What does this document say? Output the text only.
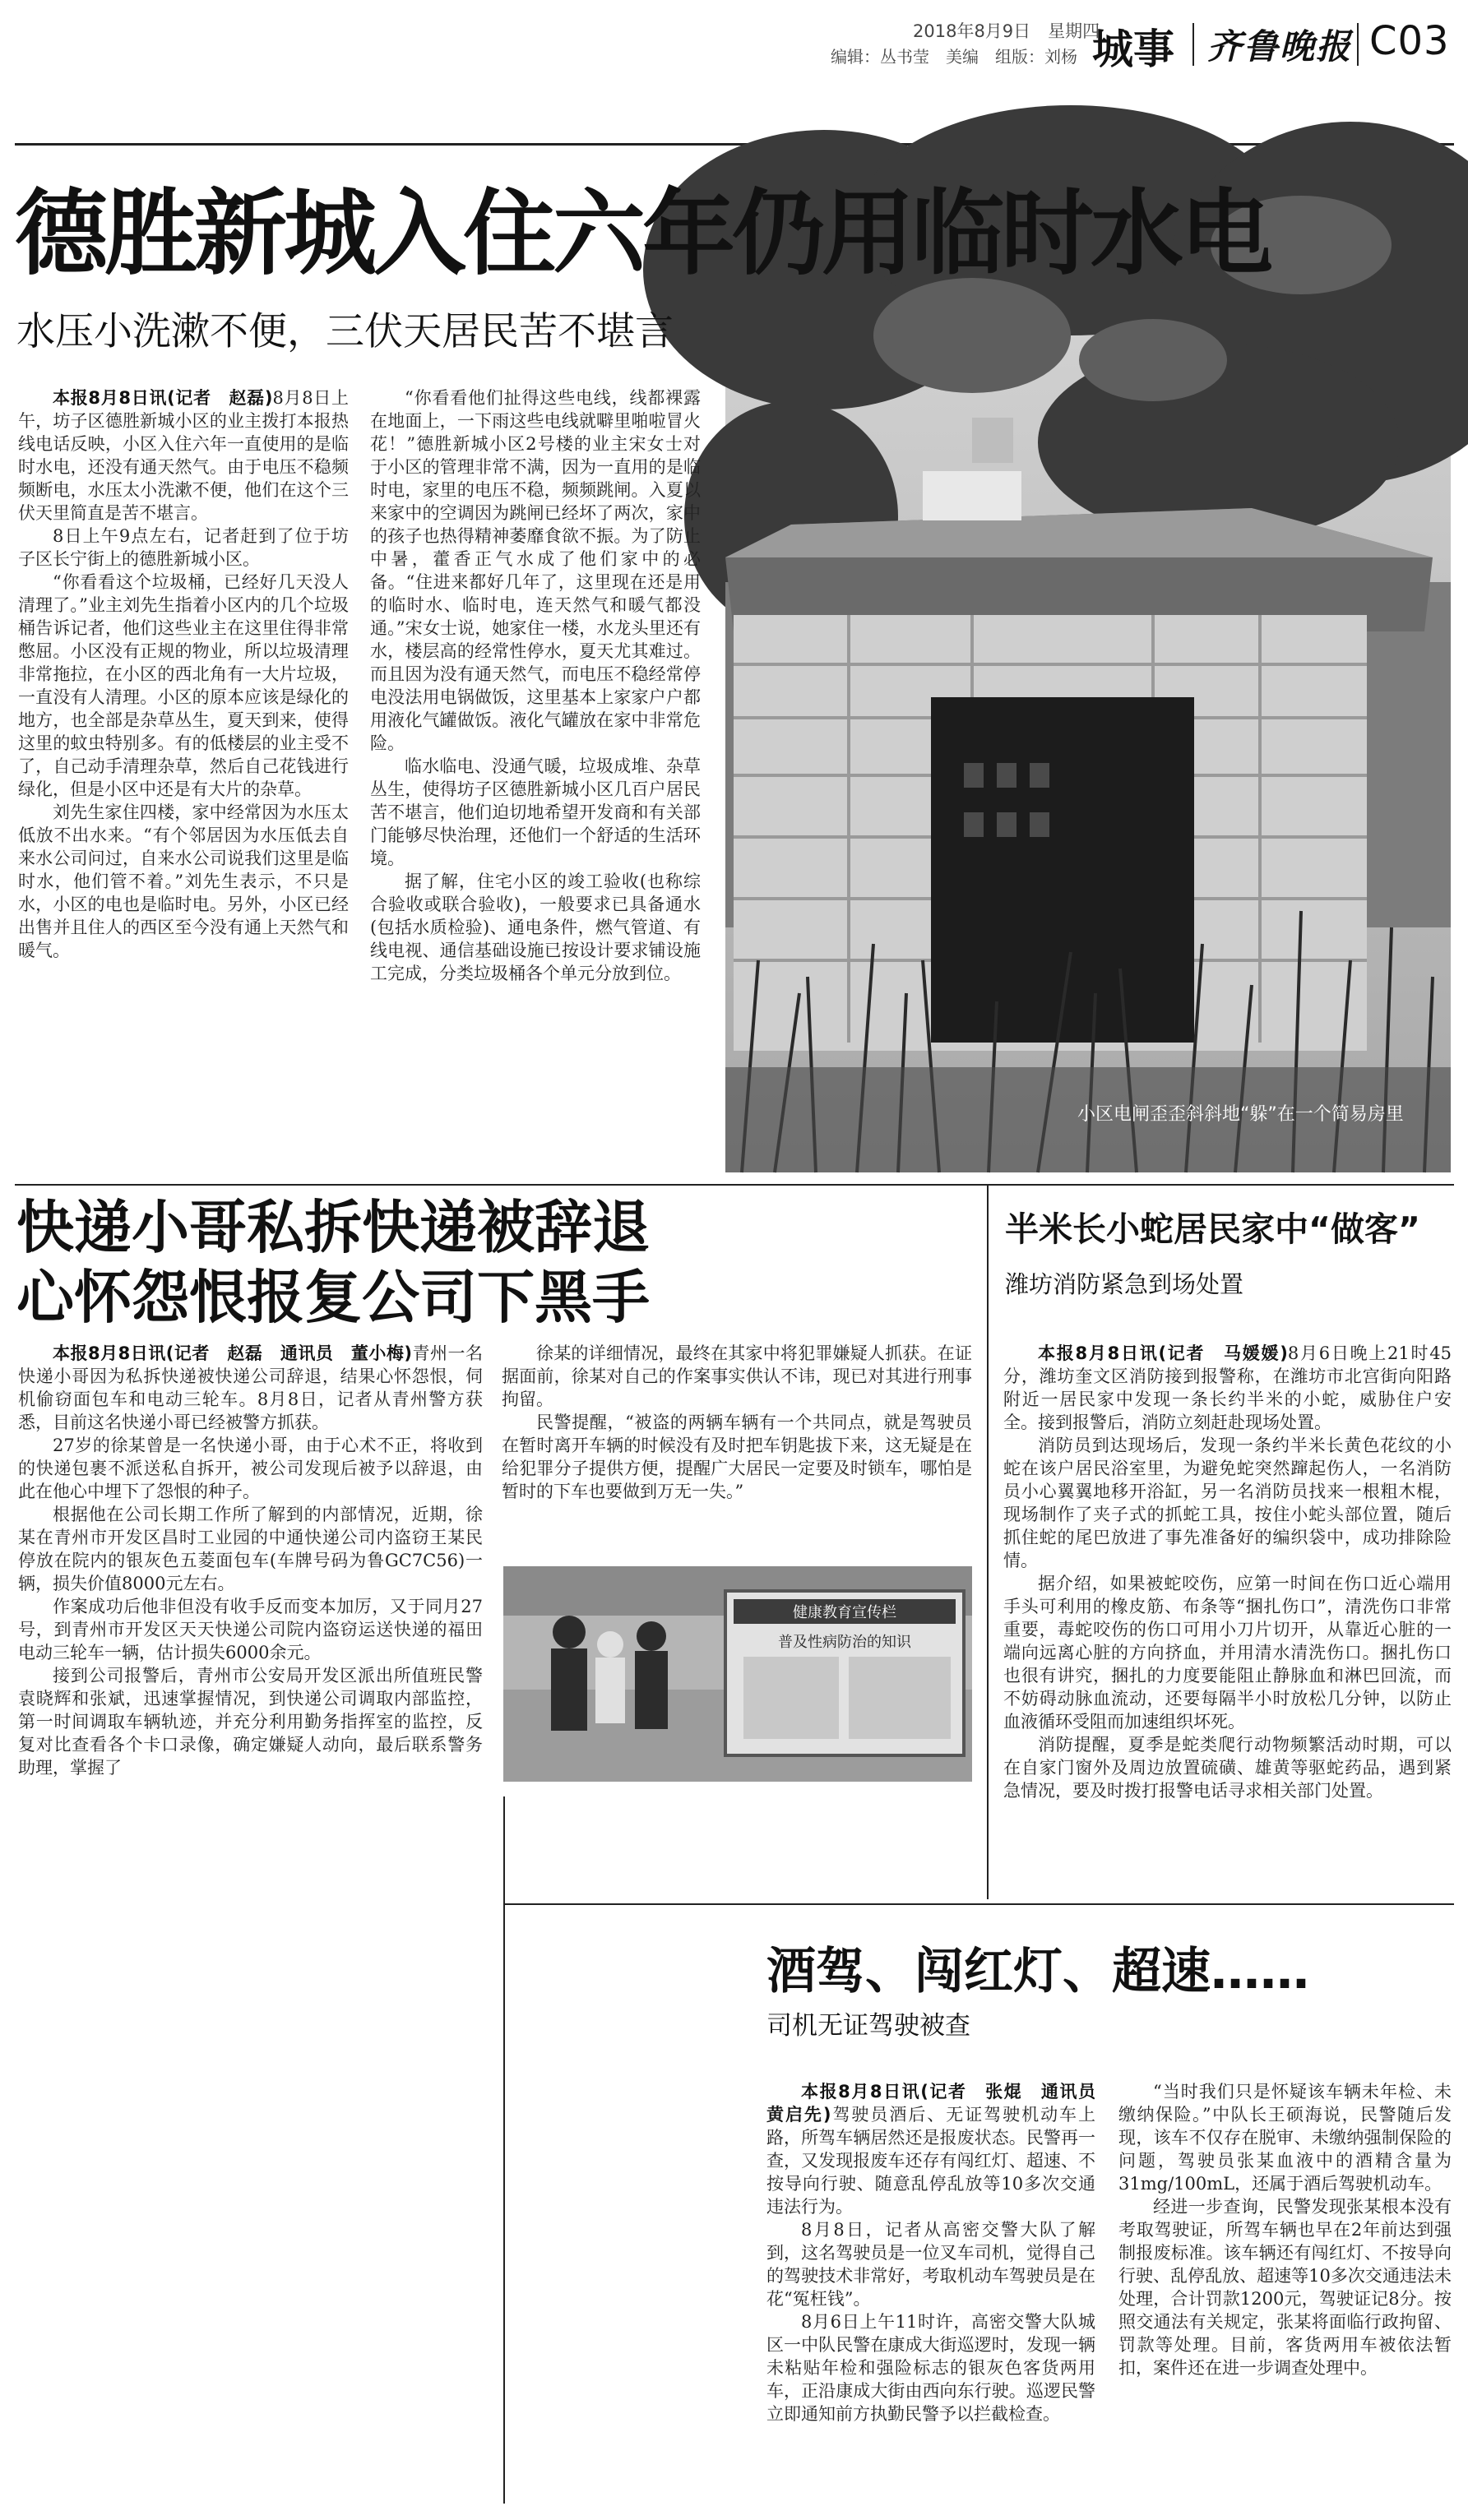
2018年8月9日　星期四
编辑：丛书莹　美编　组版：刘杨 城事 齐鲁晚报 C03
德胜新城入住六年仍用临时水电
水压小洗漱不便，三伏天居民苦不堪言

本报8月8日讯(记者　赵磊)8月8日上午，坊子区德胜新城小区的业主拨打本报热线电话反映，小区入住六年一直使用的是临时水电，还没有通天然气。由于电压不稳频频断电，水压太小洗漱不便，他们在这个三伏天里简直是苦不堪言。

8日上午9点左右，记者赶到了位于坊子区长宁街上的德胜新城小区。

“你看看这个垃圾桶，已经好几天没人清理了。”业主刘先生指着小区内的几个垃圾桶告诉记者，他们这些业主在这里住得非常憋屈。小区没有正规的物业，所以垃圾清理非常拖拉，在小区的西北角有一大片垃圾，一直没有人清理。小区的原本应该是绿化的地方，也全部是杂草丛生，夏天到来，使得这里的蚊虫特别多。有的低楼层的业主受不了，自己动手清理杂草，然后自己花钱进行绿化，但是小区中还是有大片的杂草。

刘先生家住四楼，家中经常因为水压太低放不出水来。“有个邻居因为水压低去自来水公司问过，自来水公司说我们这里是临时水，他们管不着。”刘先生表示，不只是水，小区的电也是临时电。另外，小区已经出售并且住人的西区至今没有通上天然气和暖气。

“你看看他们扯得这些电线，线都裸露在地面上，一下雨这些电线就噼里啪啦冒火花！”德胜新城小区2号楼的业主宋女士对于小区的管理非常不满，因为一直用的是临时电，家里的电压不稳，频频跳闸。入夏以来家中的空调因为跳闸已经坏了两次，家中的孩子也热得精神萎靡食欲不振。为了防止中暑，藿香正气水成了他们家中的必备。“住进来都好几年了，这里现在还是用的临时水、临时电，连天然气和暖气都没通。”宋女士说，她家住一楼，水龙头里还有水，楼层高的经常性停水，夏天尤其难过。而且因为没有通天然气，而电压不稳经常停电没法用电锅做饭，这里基本上家家户户都用液化气罐做饭。液化气罐放在家中非常危险。

临水临电、没通气暖，垃圾成堆、杂草丛生，使得坊子区德胜新城小区几百户居民苦不堪言，他们迫切地希望开发商和有关部门能够尽快治理，还他们一个舒适的生活环境。

据了解，住宅小区的竣工验收(也称综合验收或联合验收)，一般要求已具备通水(包括水质检验)、通电条件，燃气管道、有线电视、通信基础设施已按设计要求铺设施工完成，分类垃圾桶各个单元分放到位。

小区电闸歪歪斜斜地“躲”在一个简易房里
快递小哥私拆快递被辞退
心怀怨恨报复公司下黑手

本报8月8日讯(记者　赵磊　通讯员　董小梅)青州一名快递小哥因为私拆快递被快递公司辞退，结果心怀怨恨，伺机偷窃面包车和电动三轮车。8月8日，记者从青州警方获悉，目前这名快递小哥已经被警方抓获。

27岁的徐某曾是一名快递小哥，由于心术不正，将收到的快递包裹不派送私自拆开，被公司发现后被予以辞退，由此在他心中埋下了怨恨的种子。

根据他在公司长期工作所了解到的内部情况，近期，徐某在青州市开发区昌时工业园的中通快递公司内盗窃王某民停放在院内的银灰色五菱面包车(车牌号码为鲁GC7C56)一辆，损失价值8000元左右。

作案成功后他非但没有收手反而变本加厉，又于同月27号，到青州市开发区天天快递公司院内盗窃运送快递的福田电动三轮车一辆，估计损失6000余元。

接到公司报警后，青州市公安局开发区派出所值班民警袁晓辉和张斌，迅速掌握情况，到快递公司调取内部监控，第一时间调取车辆轨迹，并充分利用勤务指挥室的监控，反复对比查看各个卡口录像，确定嫌疑人动向，最后联系警务助理，掌握了

徐某的详细情况，最终在其家中将犯罪嫌疑人抓获。在证据面前，徐某对自己的作案事实供认不讳，现已对其进行刑事拘留。

民警提醒，“被盗的两辆车辆有一个共同点，就是驾驶员在暂时离开车辆的时候没有及时把车钥匙拔下来，这无疑是在给犯罪分子提供方便，提醒广大居民一定要及时锁车，哪怕是暂时的下车也要做到万无一失。”

健康教育宣传栏
普及性病防治的知识
半米长小蛇居民家中“做客”
潍坊消防紧急到场处置

本报8月8日讯(记者　马媛媛)8月6日晚上21时45分，潍坊奎文区消防接到报警称，在潍坊市北宫街向阳路附近一居民家中发现一条长约半米的小蛇，威胁住户安全。接到报警后，消防立刻赶赴现场处置。

消防员到达现场后，发现一条约半米长黄色花纹的小蛇在该户居民浴室里，为避免蛇突然蹿起伤人，一名消防员小心翼翼地移开浴缸，另一名消防员找来一根粗木棍，现场制作了夹子式的抓蛇工具，按住小蛇头部位置，随后抓住蛇的尾巴放进了事先准备好的编织袋中，成功排除险情。

据介绍，如果被蛇咬伤，应第一时间在伤口近心端用手头可利用的橡皮筋、布条等“捆扎伤口”，清洗伤口非常重要，毒蛇咬伤的伤口可用小刀片切开，从靠近心脏的一端向远离心脏的方向挤血，并用清水清洗伤口。捆扎伤口也很有讲究，捆扎的力度要能阻止静脉血和淋巴回流，而不妨碍动脉血流动，还要每隔半小时放松几分钟，以防止血液循环受阻而加速组织坏死。

消防提醒，夏季是蛇类爬行动物频繁活动时期，可以在自家门窗外及周边放置硫磺、雄黄等驱蛇药品，遇到紧急情况，要及时拨打报警电话寻求相关部门处置。

酒驾、闯红灯、超速……
司机无证驾驶被查

本报8月8日讯(记者　张焜　通讯员　黄启先)驾驶员酒后、无证驾驶机动车上路，所驾车辆居然还是报废状态。民警再一查，又发现报废车还存有闯红灯、超速、不按导向行驶、随意乱停乱放等10多次交通违法行为。

8月8日，记者从高密交警大队了解到，这名驾驶员是一位叉车司机，觉得自己的驾驶技术非常好，考取机动车驾驶员是在花“冤枉钱”。

8月6日上午11时许，高密交警大队城区一中队民警在康成大街巡逻时，发现一辆未粘贴年检和强险标志的银灰色客货两用车，正沿康成大街由西向东行驶。巡逻民警立即通知前方执勤民警予以拦截检查。

“当时我们只是怀疑该车辆未年检、未缴纳保险。”中队长王硕海说，民警随后发现，该车不仅存在脱审、未缴纳强制保险的问题，驾驶员张某血液中的酒精含量为31mg/100mL，还属于酒后驾驶机动车。

经进一步查询，民警发现张某根本没有考取驾驶证，所驾车辆也早在2年前达到强制报废标准。该车辆还有闯红灯、不按导向行驶、乱停乱放、超速等10多次交通违法未处理，合计罚款1200元，驾驶证记8分。按照交通法有关规定，张某将面临行政拘留、罚款等处理。目前，客货两用车被依法暂扣，案件还在进一步调查处理中。
